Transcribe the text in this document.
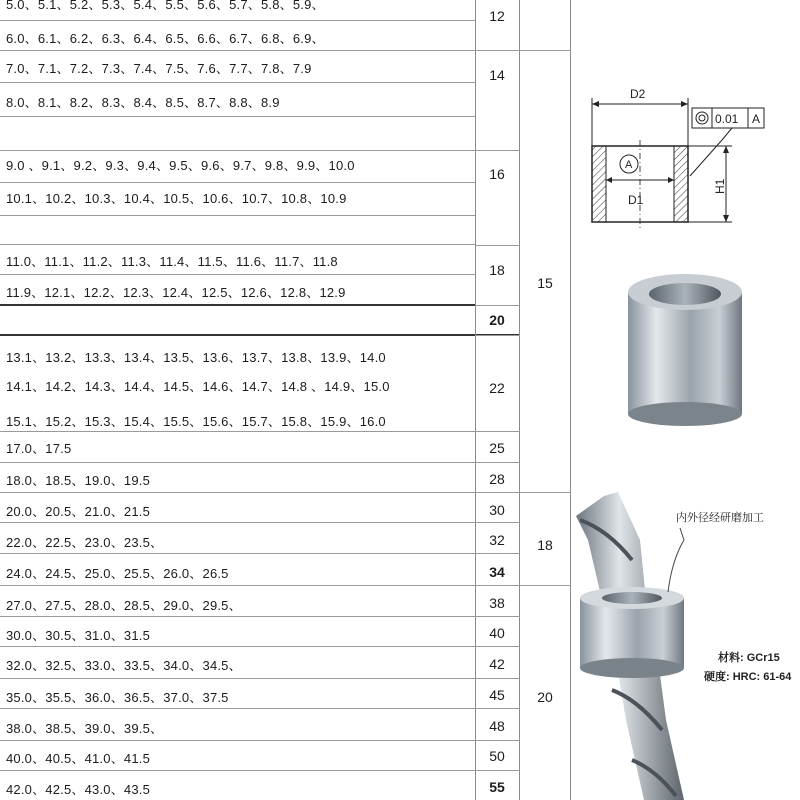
5.0、5.1、5.2、5.3、5.4、5.5、5.6、5.7、5.8、5.9、
6.0、6.1、6.2、6.3、6.4、6.5、6.6、6.7、6.8、6.9、
7.0、7.1、7.2、7.3、7.4、7.5、7.6、7.7、7.8、7.9
8.0、8.1、8.2、8.3、8.4、8.5、8.7、8.8、8.9
9.0 、9.1、9.2、9.3、9.4、9.5、9.6、9.7、9.8、9.9、10.0
10.1、10.2、10.3、10.4、10.5、10.6、10.7、10.8、10.9
11.0、11.1、11.2、11.3、11.4、11.5、11.6、11.7、11.8
11.9、12.1、12.2、12.3、12.4、12.5、12.6、12.8、12.9
13.1、13.2、13.3、13.4、13.5、13.6、13.7、13.8、13.9、14.0
14.1、14.2、14.3、14.4、14.5、14.6、14.7、14.8 、14.9、15.0
15.1、15.2、15.3、15.4、15.5、15.6、15.7、15.8、15.9、16.0
17.0、17.5
18.0、18.5、19.0、19.5
20.0、20.5、21.0、21.5
22.0、22.5、23.0、23.5、
24.0、24.5、25.0、25.5、26.0、26.5
27.0、27.5、28.0、28.5、29.0、29.5、
30.0、30.5、31.0、31.5
32.0、32.5、33.0、33.5、34.0、34.5、
35.0、35.5、36.0、36.5、37.0、37.5
38.0、38.5、39.0、39.5、
40.0、40.5、41.0、41.5
42.0、42.5、43.0、43.5
12
14
16
18
20
22
25
28
30
32
34
38
40
42
45
48
50
55
15
18
20
D2
0.01 A
A
D1
H1
内外径经研磨加工
材料: GCr15
硬度: HRC: 61-64
